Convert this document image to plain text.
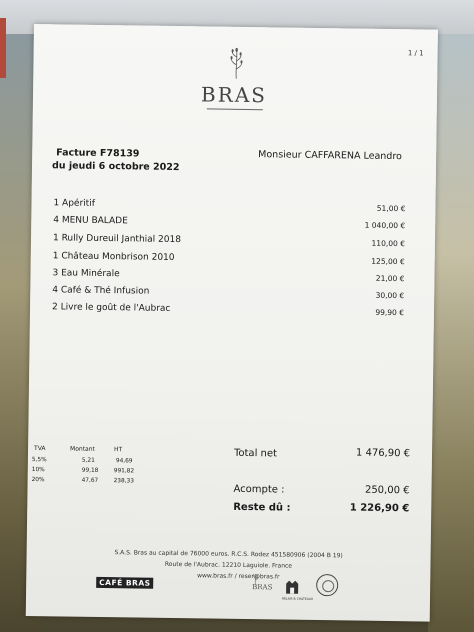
1 / 1
BRAS
Facture F78139
du jeudi 6 octobre 2022
Monsieur CAFFARENA Leandro
1 Apéritif	51,00 €
4 MENU BALADE	1 040,00 €
1 Rully Dureuil Janthial 2018	110,00 €
1 Château Monbrison 2010	125,00 €
3 Eau Minérale	21,00 €
4 Café & Thé Infusion	30,00 €
2 Livre le goût de l'Aubrac	99,90 €
TVA	Montant	HT
5,5%	5,21	94,69
10%	99,18	991,82
20%	47,67	238,33
Total net	1 476,90 €
Acompte :	250,00 €
Reste dû :	1 226,90 €
S.A.S. Bras au capital de 76000 euros. R.C.S. Rodez 451580906 (2004 B 19)
Route de l'Aubrac. 12210 Laguiole. France
www.bras.fr / reser@bras.fr
CAFÉ BRAS	BRAS
RELAIS & CHATEAUX
